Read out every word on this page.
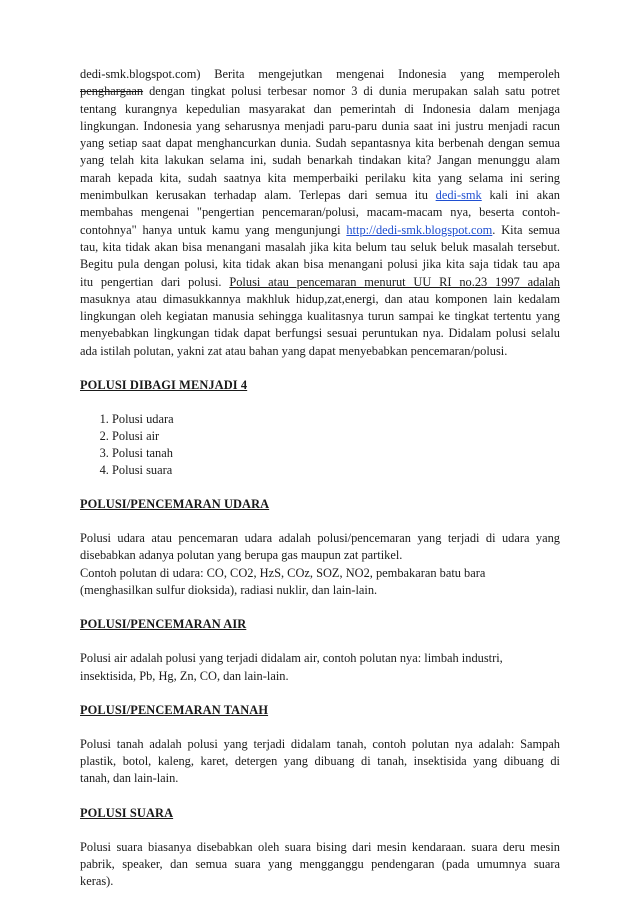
dedi-smk.blogspot.com) Berita mengejutkan mengenai Indonesia yang memperoleh
penghargaan dengan tingkat polusi terbesar nomor 3 di dunia merupakan salah satu potret
tentang kurangnya kepedulian masyarakat dan pemerintah di Indonesia dalam menjaga
lingkungan. Indonesia yang seharusnya menjadi paru-paru dunia saat ini justru menjadi racun
yang setiap saat dapat menghancurkan dunia. Sudah sepantasnya kita berbenah dengan semua
yang telah kita lakukan selama ini, sudah benarkah tindakan kita? Jangan menunggu alam
marah kepada kita, sudah saatnya kita memperbaiki perilaku kita yang selama ini sering
menimbulkan kerusakan terhadap alam. Terlepas dari semua itu dedi-smk kali ini akan
membahas mengenai "pengertian pencemaran/polusi, macam-macam nya, beserta contoh-
contohnya" hanya untuk kamu yang mengunjungi http://dedi-smk.blogspot.com. Kita semua
tau, kita tidak akan bisa menangani masalah jika kita belum tau seluk beluk masalah tersebut.
Begitu pula dengan polusi, kita tidak akan bisa menangani polusi jika kita saja tidak tau apa
itu pengertian dari polusi. Polusi atau pencemaran menurut UU RI no.23 1997 adalah
masuknya atau dimasukkannya makhluk hidup,zat,energi, dan atau komponen lain kedalam
lingkungan oleh kegiatan manusia sehingga kualitasnya turun sampai ke tingkat tertentu yang
menyebabkan lingkungan tidak dapat berfungsi sesuai peruntukan nya. Didalam polusi selalu
ada istilah polutan, yakni zat atau bahan yang dapat menyebabkan pencemaran/polusi.
POLUSI DIBAGI MENJADI 4
1. Polusi udara
2. Polusi air
3. Polusi tanah
4. Polusi suara
POLUSI/PENCEMARAN UDARA
Polusi udara atau pencemaran udara adalah polusi/pencemaran yang terjadi di udara yang
disebabkan adanya polutan yang berupa gas maupun zat partikel.
Contoh polutan di udara: CO, CO2, HzS, COz, SOZ, NO2, pembakaran batu bara
(menghasilkan sulfur dioksida), radiasi nuklir, dan lain-lain.
POLUSI/PENCEMARAN AIR
Polusi air adalah polusi yang terjadi didalam air, contoh polutan nya: limbah industri,
insektisida, Pb, Hg, Zn, CO, dan lain-lain.
POLUSI/PENCEMARAN TANAH
Polusi tanah adalah polusi yang terjadi didalam tanah, contoh polutan nya adalah: Sampah
plastik, botol, kaleng, karet, detergen yang dibuang di tanah, insektisida yang dibuang di
tanah, dan lain-lain.
POLUSI SUARA
Polusi suara biasanya disebabkan oleh suara bising dari mesin kendaraan. suara deru mesin
pabrik, speaker, dan semua suara yang mengganggu pendengaran (pada umumnya suara
keras).
